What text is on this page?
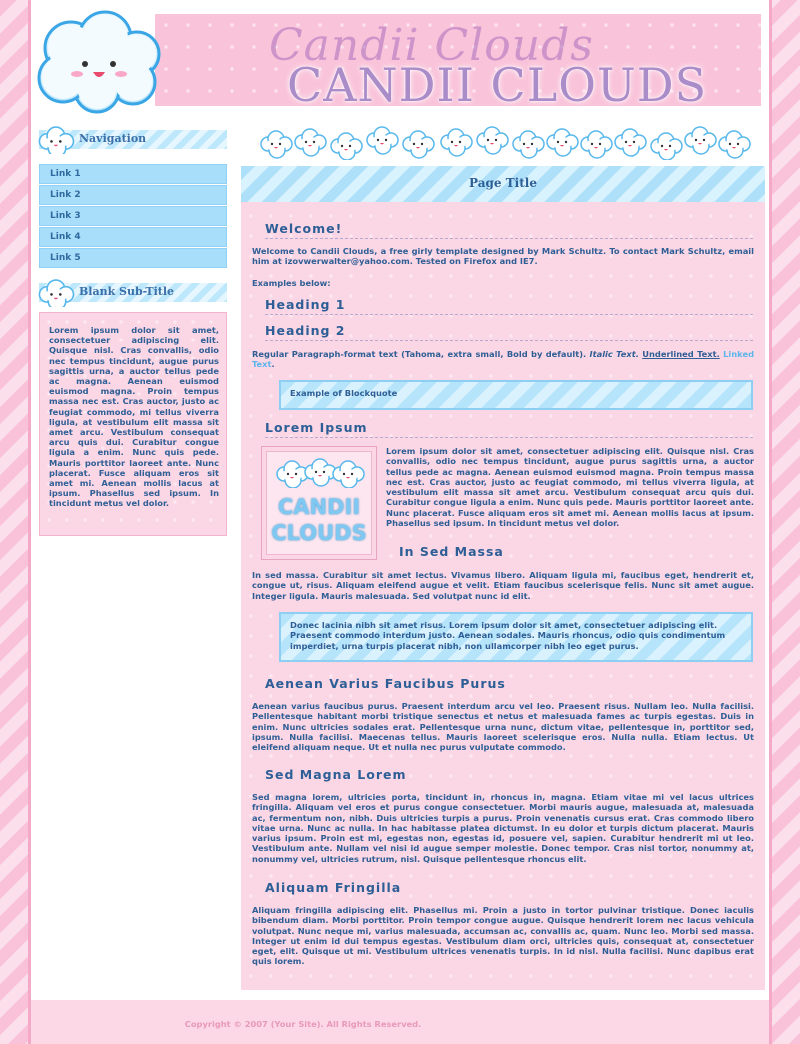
Candii Clouds
CANDII CLOUDS
Navigation
Link 1
Link 2
Link 3
Link 4
Link 5
Blank Sub-Title
Lorem ipsum dolor sit amet, consectetuer adipiscing elit. Quisque nisl. Cras convallis, odio nec tempus tincidunt, augue purus sagittis urna, a auctor tellus pede ac magna. Aenean euismod euismod magna. Proin tempus massa nec est. Cras auctor, justo ac feugiat commodo, mi tellus viverra ligula, at vestibulum elit massa sit amet arcu. Vestibulum consequat arcu quis dui. Curabitur congue ligula a enim. Nunc quis pede. Mauris porttitor laoreet ante. Nunc placerat. Fusce aliquam eros sit amet mi. Aenean mollis lacus at ipsum. Phasellus sed ipsum. In tincidunt metus vel dolor.
Page Title
Welcome!
Welcome to Candii Clouds, a free girly template designed by Mark Schultz. To contact Mark Schultz, email him at izovwerwalter@yahoo.com. Tested on Firefox and IE7.
Examples below:
Heading 1
Heading 2
Regular Paragraph-format text (Tahoma, extra small, Bold by default). Italic Text. Underlined Text. Linked Text.
Example of Blockquote
Lorem Ipsum
CANDII CLOUDS
Lorem ipsum dolor sit amet, consectetuer adipiscing elit. Quisque nisl. Cras convallis, odio nec tempus tincidunt, augue purus sagittis urna, a auctor tellus pede ac magna. Aenean euismod euismod magna. Proin tempus massa nec est. Cras auctor, justo ac feugiat commodo, mi tellus viverra ligula, at vestibulum elit massa sit amet arcu. Vestibulum consequat arcu quis dui. Curabitur congue ligula a enim. Nunc quis pede. Mauris porttitor laoreet ante. Nunc placerat. Fusce aliquam eros sit amet mi. Aenean mollis lacus at ipsum. Phasellus sed ipsum. In tincidunt metus vel dolor.
In Sed Massa
In sed massa. Curabitur sit amet lectus. Vivamus libero. Aliquam ligula mi, faucibus eget, hendrerit et, congue ut, risus. Aliquam eleifend augue et velit. Etiam faucibus scelerisque felis. Nunc sit amet augue. Integer ligula. Mauris malesuada. Sed volutpat nunc id elit.
Donec lacinia nibh sit amet risus. Lorem ipsum dolor sit amet, consectetuer adipiscing elit. Praesent commodo interdum justo. Aenean sodales. Mauris rhoncus, odio quis condimentum imperdiet, urna turpis placerat nibh, non ullamcorper nibh leo eget purus.
Aenean Varius Faucibus Purus
Aenean varius faucibus purus. Praesent interdum arcu vel leo. Praesent risus. Nullam leo. Nulla facilisi. Pellentesque habitant morbi tristique senectus et netus et malesuada fames ac turpis egestas. Duis in enim. Nunc ultricies sodales erat. Pellentesque urna nunc, dictum vitae, pellentesque in, porttitor sed, ipsum. Nulla facilisi. Maecenas tellus. Mauris laoreet scelerisque eros. Nulla nulla. Etiam lectus. Ut eleifend aliquam neque. Ut et nulla nec purus vulputate commodo.
Sed Magna Lorem
Sed magna lorem, ultricies porta, tincidunt in, rhoncus in, magna. Etiam vitae mi vel lacus ultrices fringilla. Aliquam vel eros et purus congue consectetuer. Morbi mauris augue, malesuada at, malesuada ac, fermentum non, nibh. Duis ultricies turpis a purus. Proin venenatis cursus erat. Cras commodo libero vitae urna. Nunc ac nulla. In hac habitasse platea dictumst. In eu dolor et turpis dictum placerat. Mauris varius ipsum. Proin est mi, egestas non, egestas id, posuere vel, sapien. Curabitur hendrerit mi ut leo. Vestibulum ante. Nullam vel nisi id augue semper molestie. Donec tempor. Cras nisl tortor, nonummy at, nonummy vel, ultricies rutrum, nisl. Quisque pellentesque rhoncus elit.
Aliquam Fringilla
Aliquam fringilla adipiscing elit. Phasellus mi. Proin a justo in tortor pulvinar tristique. Donec iaculis bibendum diam. Morbi porttitor. Proin tempor congue augue. Quisque hendrerit lorem nec lacus vehicula volutpat. Nunc neque mi, varius malesuada, accumsan ac, convallis ac, quam. Nunc leo. Morbi sed massa. Integer ut enim id dui tempus egestas. Vestibulum diam orci, ultricies quis, consequat at, consectetuer eget, elit. Quisque ut mi. Vestibulum ultrices venenatis turpis. In id nisl. Nulla facilisi. Nunc dapibus erat quis lorem.
Copyright © 2007 (Your Site). All Rights Reserved.
